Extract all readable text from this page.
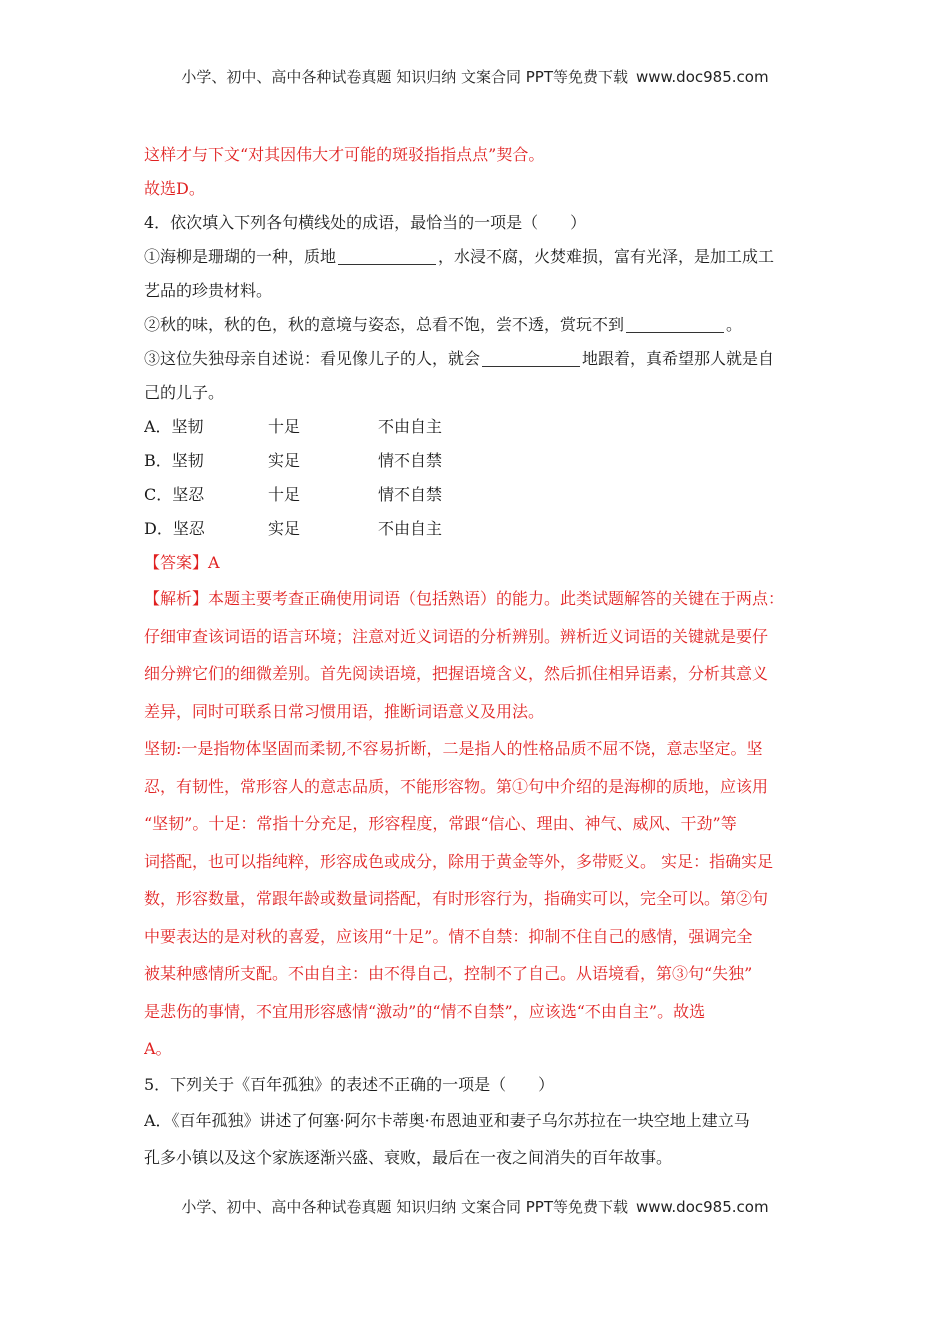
小学、初中、高中各种试卷真题 知识归纳 文案合同 PPT等免费下载 www.doc985.com
这样才与下文“对其因伟大才可能的斑驳指指点点”契合。
故选D。
4．依次填入下列各句横线处的成语，最恰当的一项是（　　）
①海柳是珊瑚的一种，质地	，水浸不腐，火焚难损，富有光泽，是加工成工
艺品的珍贵材料。
②秋的味，秋的色，秋的意境与姿态，总看不饱，尝不透，赏玩不到	。
③这位失独母亲自述说：看见像儿子的人，就会	地跟着，真希望那人就是自
己的儿子。
A．坚韧	十足	不由自主
B．坚韧	实足	情不自禁
C．坚忍	十足	情不自禁
D．坚忍	实足	不由自主
【答案】A
【解析】本题主要考查正确使用词语（包括熟语）的能力。此类试题解答的关键在于两点：
仔细审查该词语的语言环境；注意对近义词语的分析辨别。辨析近义词语的关键就是要仔
细分辨它们的细微差别。首先阅读语境，把握语境含义，然后抓住相异语素，分析其意义
差异，同时可联系日常习惯用语，推断词语意义及用法。
坚韧:一是指物体坚固而柔韧,不容易折断，二是指人的性格品质不屈不饶，意志坚定。坚
忍，有韧性，常形容人的意志品质，不能形容物。第①句中介绍的是海柳的质地，应该用
“坚韧”。十足：常指十分充足，形容程度，常跟“信心、理由、神气、威风、干劲”等
词搭配，也可以指纯粹，形容成色或成分，除用于黄金等外，多带贬义。 实足：指确实足
数，形容数量，常跟年龄或数量词搭配，有时形容行为，指确实可以，完全可以。第②句
中要表达的是对秋的喜爱，应该用“十足”。情不自禁：抑制不住自己的感情，强调完全
被某种感情所支配。不由自主：由不得自己，控制不了自己。从语境看，第③句“失独”
是悲伤的事情，不宜用形容感情“激动”的“情不自禁”，应该选“不由自主”。故选
A。
5．下列关于《百年孤独》的表述不正确的一项是（　　）
A．《百年孤独》讲述了何塞·阿尔卡蒂奥·布恩迪亚和妻子乌尔苏拉在一块空地上建立马
孔多小镇以及这个家族逐渐兴盛、衰败，最后在一夜之间消失的百年故事。
小学、初中、高中各种试卷真题 知识归纳 文案合同 PPT等免费下载 www.doc985.com
